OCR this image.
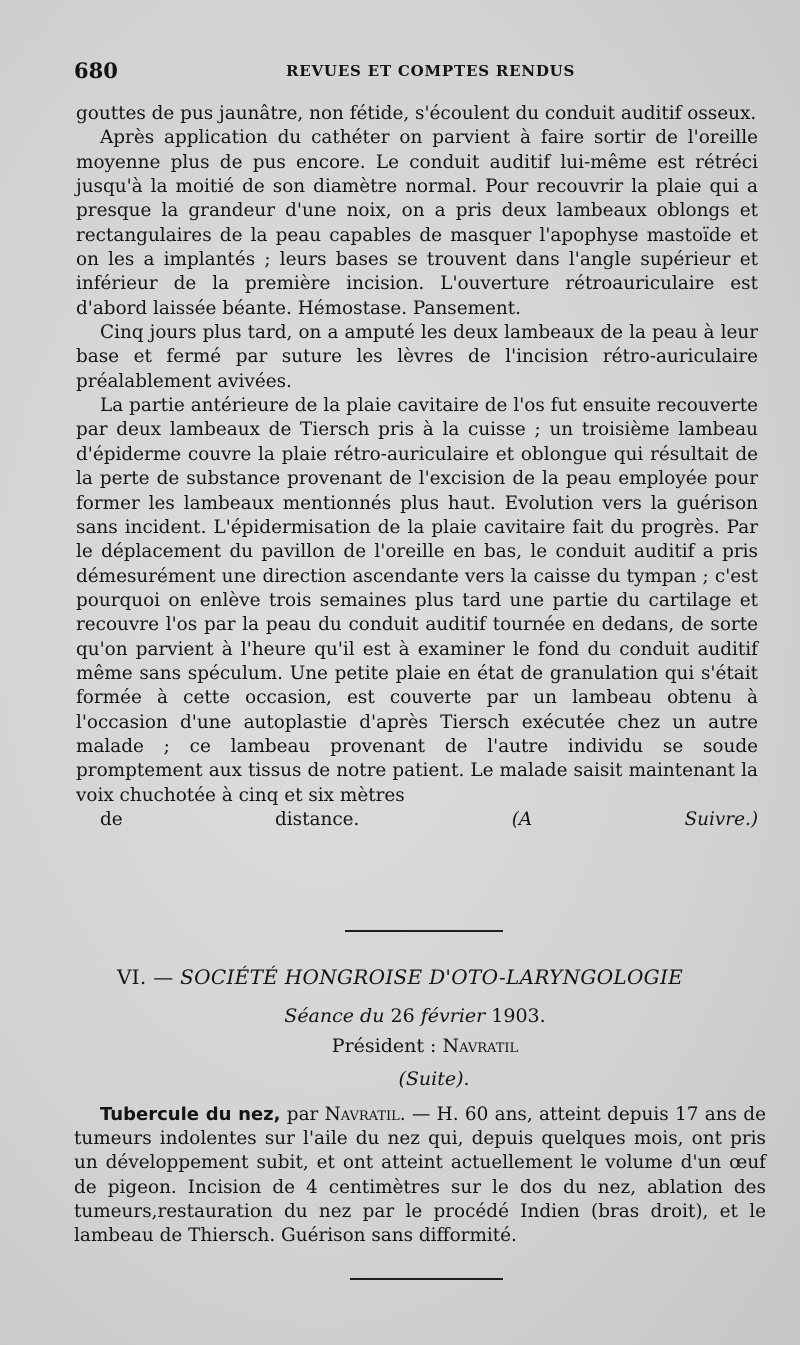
680	REVUES ET COMPTES RENDUS

gouttes de pus jaunâtre, non fétide, s'écoulent du conduit auditif osseux.

Après application du cathéter on parvient à faire sortir de l'oreille moyenne plus de pus encore. Le conduit auditif lui-même est rétréci jusqu'à la moitié de son diamètre normal. Pour recouvrir la plaie qui a presque la grandeur d'une noix, on a pris deux lambeaux oblongs et rectangulaires de la peau capables de masquer l'apophyse mastoïde et on les a implantés ; leurs bases se trouvent dans l'angle supérieur et inférieur de la première incision. L'ouverture rétroauriculaire est d'abord laissée béante. Hémostase. Pansement.

Cinq jours plus tard, on a amputé les deux lambeaux de la peau à leur base et fermé par suture les lèvres de l'incision rétro-auriculaire préalablement avivées.

La partie antérieure de la plaie cavitaire de l'os fut ensuite recouverte par deux lambeaux de Tiersch pris à la cuisse ; un troisième lambeau d'épiderme couvre la plaie rétro-auriculaire et oblongue qui résultait de la perte de substance provenant de l'excision de la peau employée pour former les lambeaux mentionnés plus haut. Evolution vers la guérison sans incident. L'épidermisation de la plaie cavitaire fait du progrès. Par le déplacement du pavillon de l'oreille en bas, le conduit auditif a pris démesurément une direction ascendante vers la caisse du tympan ; c'est pourquoi on enlève trois semaines plus tard une partie du cartilage et recouvre l'os par la peau du conduit auditif tournée en dedans, de sorte qu'on parvient à l'heure qu'il est à examiner le fond du conduit auditif même sans spéculum. Une petite plaie en état de granulation qui s'était formée à cette occasion, est couverte par un lambeau obtenu à l'occasion d'une autoplastie d'après Tiersch exécutée chez un autre malade ; ce lambeau provenant de l'autre individu se soude promptement aux tissus de notre patient. Le malade saisit maintenant la voix chuchotée à cinq et six mètres
de distance.	(A Suivre.)

VI. — SOCIÉTÉ HONGROISE D'OTO-LARYNGOLOGIE
Séance du 26 février 1903.
Président : Navratil
(Suite).

Tubercule du nez, par Navratil. — H. 60 ans, atteint depuis 17 ans de tumeurs indolentes sur l'aile du nez qui, depuis quelques mois, ont pris un développement subit, et ont atteint actuellement le volume d'un œuf de pigeon. Incision de 4 centimètres sur le dos du nez, ablation des tumeurs,restauration du nez par le procédé Indien (bras droit), et le lambeau de Thiersch. Guérison sans difformité.
